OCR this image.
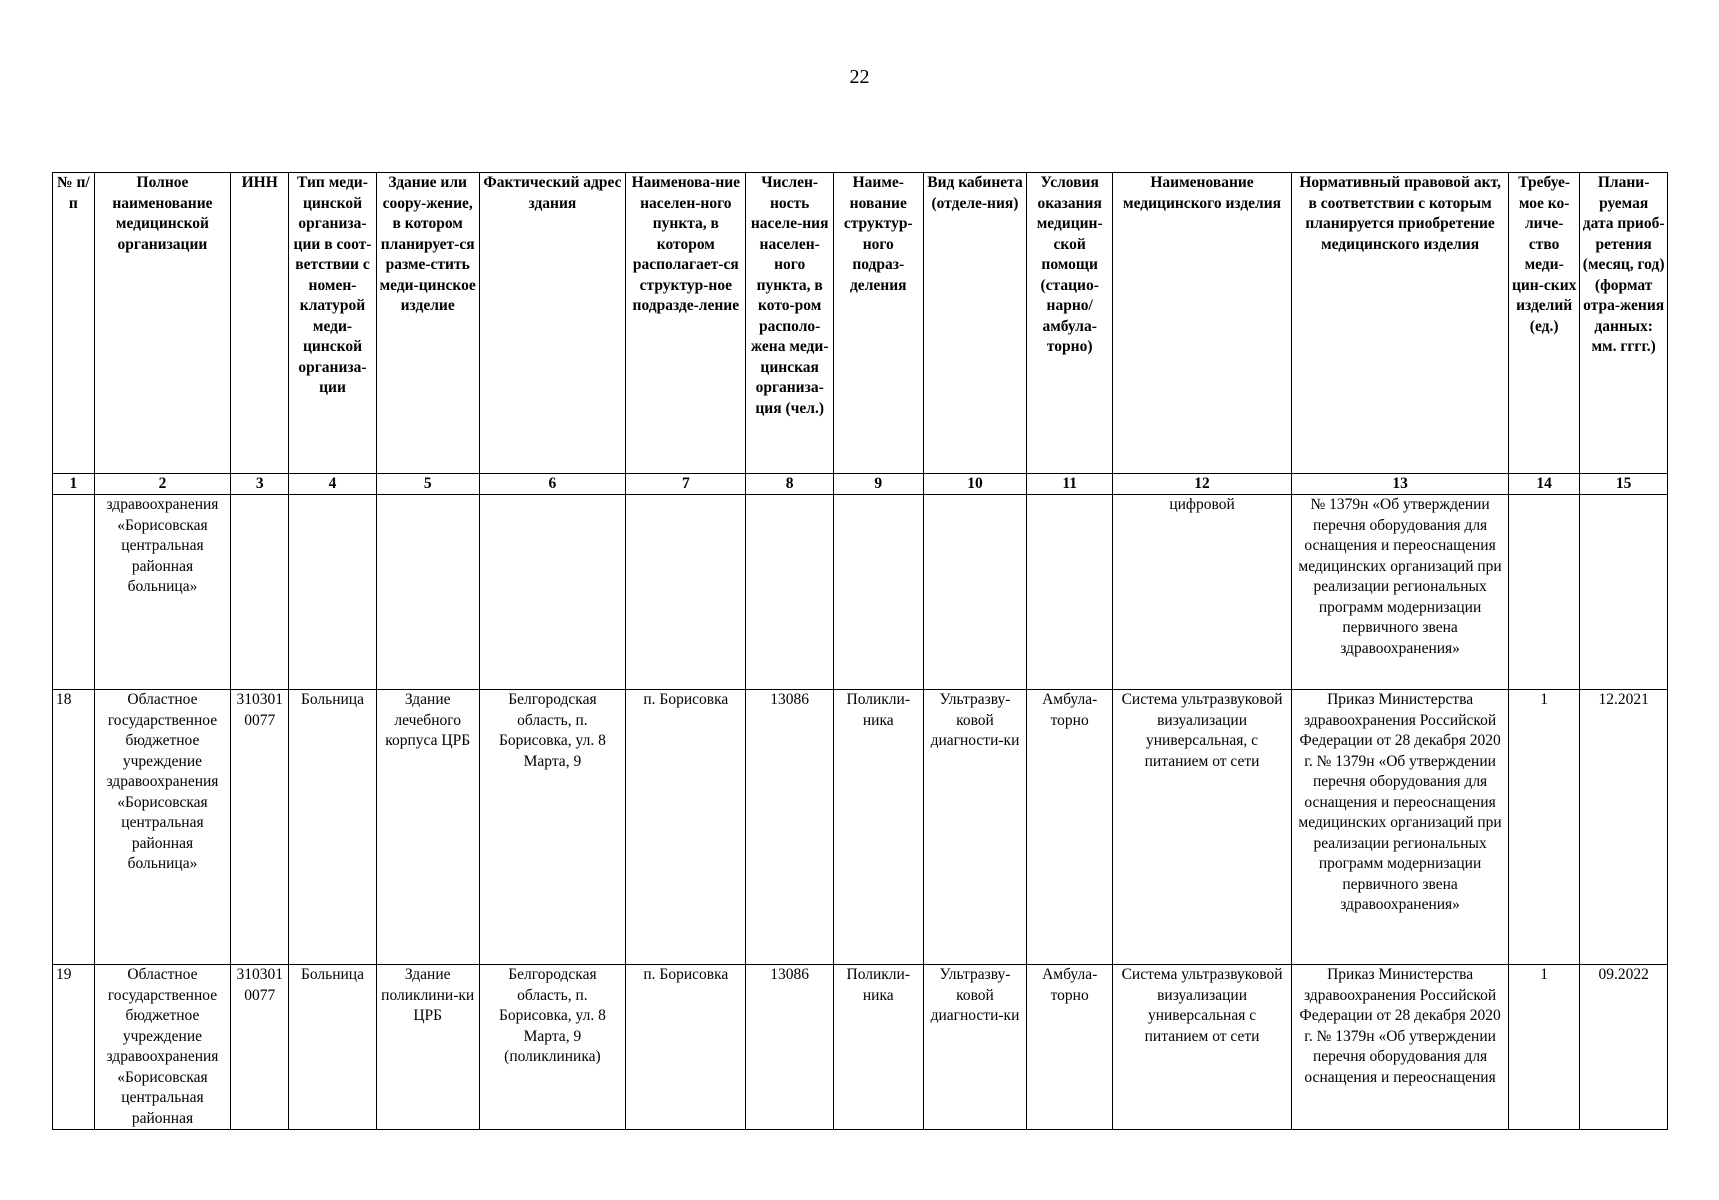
22
№ п/п	Полное наименование медицинской организации	ИНН	Тип меди-цинской организа-ции в соот-ветствии с номен-клатурой меди-цинской организа-ции	Здание или соору-жение, в котором планирует-ся разме-стить меди-цинское изделие	Фактический адрес здания	Наименова-ние населен-ного пункта, в котором располагает-ся структур-ное подразде-ление	Числен-ность населе-ния населен-ного пункта, в кото-ром располо-жена меди-цинская организа-ция (чел.)	Наиме-нование структур-ного подраз-деления	Вид кабинета (отделе-ния)	Условия оказания медицин-ской помощи (стацио-нарно/ амбула-торно)	Наименование медицинского изделия	Нормативный правовой акт, в соответствии с которым планируется приобретение медицинского изделия	Требуе-мое ко-личе-ство меди-цин-ских изделий (ед.)	Плани-руемая дата приоб-ретения (месяц, год) (формат отра-жения данных: мм. гггг.)
1	2	3	4	5	6	7	8	9	10	11	12	13	14	15
	здравоохранения «Борисовская центральная районная больница»										цифровой	№ 1379н «Об утверждении перечня оборудования для оснащения и переоснащения медицинских организаций при реализации региональных программ модернизации первичного звена здравоохранения»		
18	Областное государственное бюджетное учреждение здравоохранения «Борисовская центральная районная больница»	3103010077	Больница	Здание лечебного корпуса ЦРБ	Белгородская область, п. Борисовка, ул. 8 Марта, 9	п. Борисовка	13086	Поликли-ника	Ультразву-ковой диагности-ки	Амбула-торно	Система ультразвуковой визуализации универсальная, с питанием от сети	Приказ Министерства здравоохранения Российской Федерации от 28 декабря 2020 г. № 1379н «Об утверждении перечня оборудования для оснащения и переоснащения медицинских организаций при реализации региональных программ модернизации первичного звена здравоохранения»	1	12.2021
19	Областное государственное бюджетное учреждение здравоохранения «Борисовская центральная районная	3103010077	Больница	Здание поликлини-ки ЦРБ	Белгородская область, п. Борисовка, ул. 8 Марта, 9 (поликлиника)	п. Борисовка	13086	Поликли-ника	Ультразву-ковой диагности-ки	Амбула-торно	Система ультразвуковой визуализации универсальная с питанием от сети	Приказ Министерства здравоохранения Российской Федерации от 28 декабря 2020 г. № 1379н «Об утверждении перечня оборудования для оснащения и переоснащения	1	09.2022
